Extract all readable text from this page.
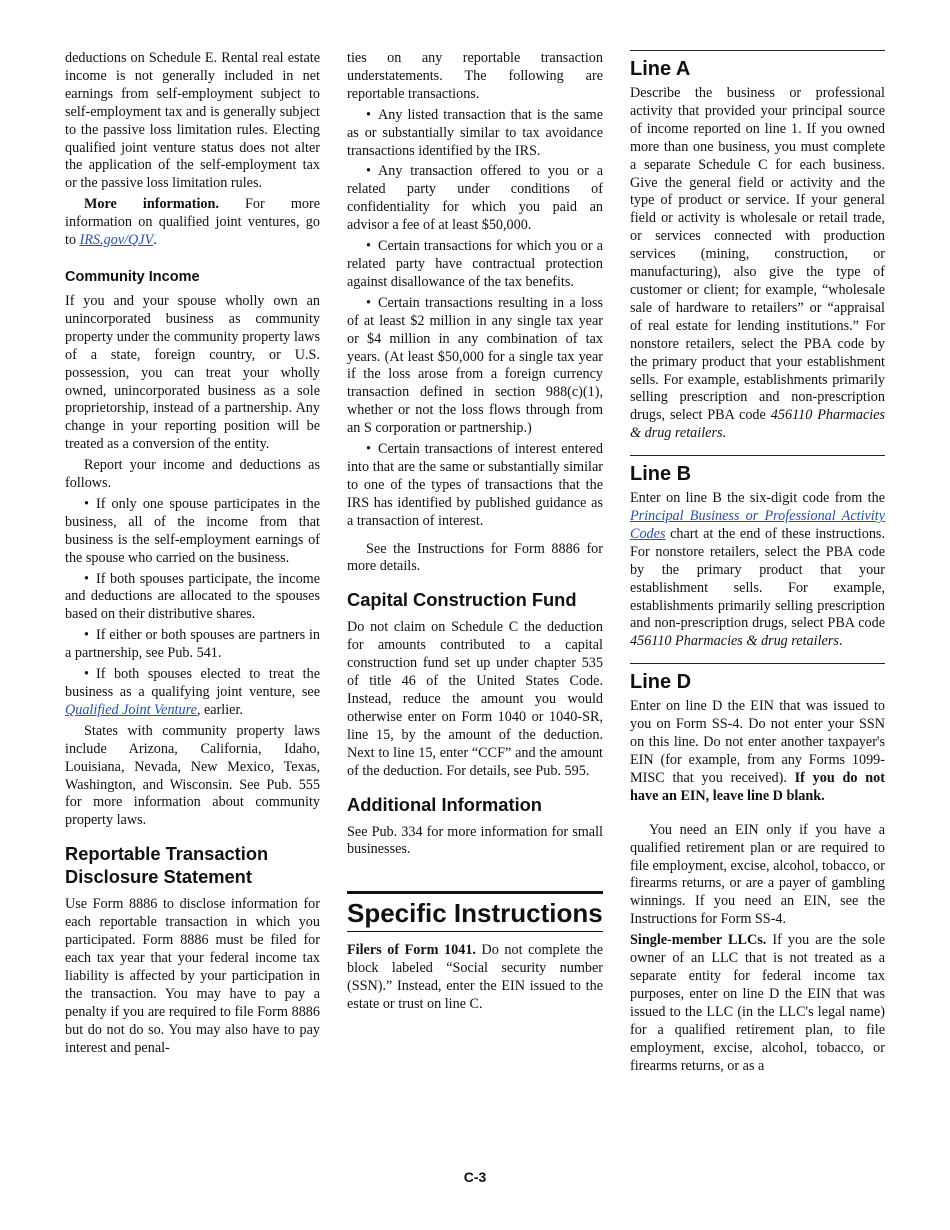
deductions on Schedule E. Rental real estate income is not generally included in net earnings from self-employment subject to self-employment tax and is generally subject to the passive loss limitation rules. Electing qualified joint venture status does not alter the application of the self-employment tax or the passive loss limitation rules.

More information. For more information on qualified joint ventures, go to IRS.gov/QJV.

Community Income

If you and your spouse wholly own an unincorporated business as community property under the community property laws of a state, foreign country, or U.S. possession, you can treat your wholly owned, unincorporated business as a sole proprietorship, instead of a partnership. Any change in your reporting position will be treated as a conversion of the entity.

Report your income and deductions as follows.

• If only one spouse participates in the business, all of the income from that business is the self-employment earnings of the spouse who carried on the business.

• If both spouses participate, the income and deductions are allocated to the spouses based on their distributive shares.

• If either or both spouses are partners in a partnership, see Pub. 541.

• If both spouses elected to treat the business as a qualifying joint venture, see Qualified Joint Venture, earlier.

States with community property laws include Arizona, California, Idaho, Louisiana, Nevada, New Mexico, Texas, Washington, and Wisconsin. See Pub. 555 for more information about community property laws.

Reportable Transaction Disclosure Statement

Use Form 8886 to disclose information for each reportable transaction in which you participated. Form 8886 must be filed for each tax year that your federal income tax liability is affected by your participation in the transaction. You may have to pay a penalty if you are required to file Form 8886 but do not do so. You may also have to pay interest and penal-

ties on any reportable transaction understatements. The following are reportable transactions.

• Any listed transaction that is the same as or substantially similar to tax avoidance transactions identified by the IRS.

• Any transaction offered to you or a related party under conditions of confidentiality for which you paid an advisor a fee of at least $50,000.

• Certain transactions for which you or a related party have contractual protection against disallowance of the tax benefits.

• Certain transactions resulting in a loss of at least $2 million in any single tax year or $4 million in any combination of tax years. (At least $50,000 for a single tax year if the loss arose from a foreign currency transaction defined in section 988(c)(1), whether or not the loss flows through from an S corporation or partnership.)

• Certain transactions of interest entered into that are the same or substantially similar to one of the types of transactions that the IRS has identified by published guidance as a transaction of interest.

See the Instructions for Form 8886 for more details.

Capital Construction Fund

Do not claim on Schedule C the deduction for amounts contributed to a capital construction fund set up under chapter 535 of title 46 of the United States Code. Instead, reduce the amount you would otherwise enter on Form 1040 or 1040-SR, line 15, by the amount of the deduction. Next to line 15, enter “CCF” and the amount of the deduction. For details, see Pub. 595.

Additional Information

See Pub. 334 for more information for small businesses.

Specific Instructions

Filers of Form 1041. Do not complete the block labeled “Social security number (SSN).” Instead, enter the EIN issued to the estate or trust on line C.

Line A

Describe the business or professional activity that provided your principal source of income reported on line 1. If you owned more than one business, you must complete a separate Schedule C for each business. Give the general field or activity and the type of product or service. If your general field or activity is wholesale or retail trade, or services connected with production services (mining, construction, or manufacturing), also give the type of customer or client; for example, “wholesale sale of hardware to retailers” or “appraisal of real estate for lending institutions.” For nonstore retailers, select the PBA code by the primary product that your establishment sells. For example, establishments primarily selling prescription and non-prescription drugs, select PBA code 456110 Pharmacies & drug retailers.

Line B

Enter on line B the six-digit code from the Principal Business or Professional Activity Codes chart at the end of these instructions. For nonstore retailers, select the PBA code by the primary product that your establishment sells. For example, establishments primarily selling prescription and non-prescription drugs, select PBA code 456110 Pharmacies & drug retailers.

Line D

Enter on line D the EIN that was issued to you on Form SS-4. Do not enter your SSN on this line. Do not enter another taxpayer's EIN (for example, from any Forms 1099-MISC that you received). If you do not have an EIN, leave line D blank.

You need an EIN only if you have a qualified retirement plan or are required to file employment, excise, alcohol, tobacco, or firearms returns, or are a payer of gambling winnings. If you need an EIN, see the Instructions for Form SS-4.

Single-member LLCs. If you are the sole owner of an LLC that is not treated as a separate entity for federal income tax purposes, enter on line D the EIN that was issued to the LLC (in the LLC's legal name) for a qualified retirement plan, to file employment, excise, alcohol, tobacco, or firearms returns, or as a

C-3
